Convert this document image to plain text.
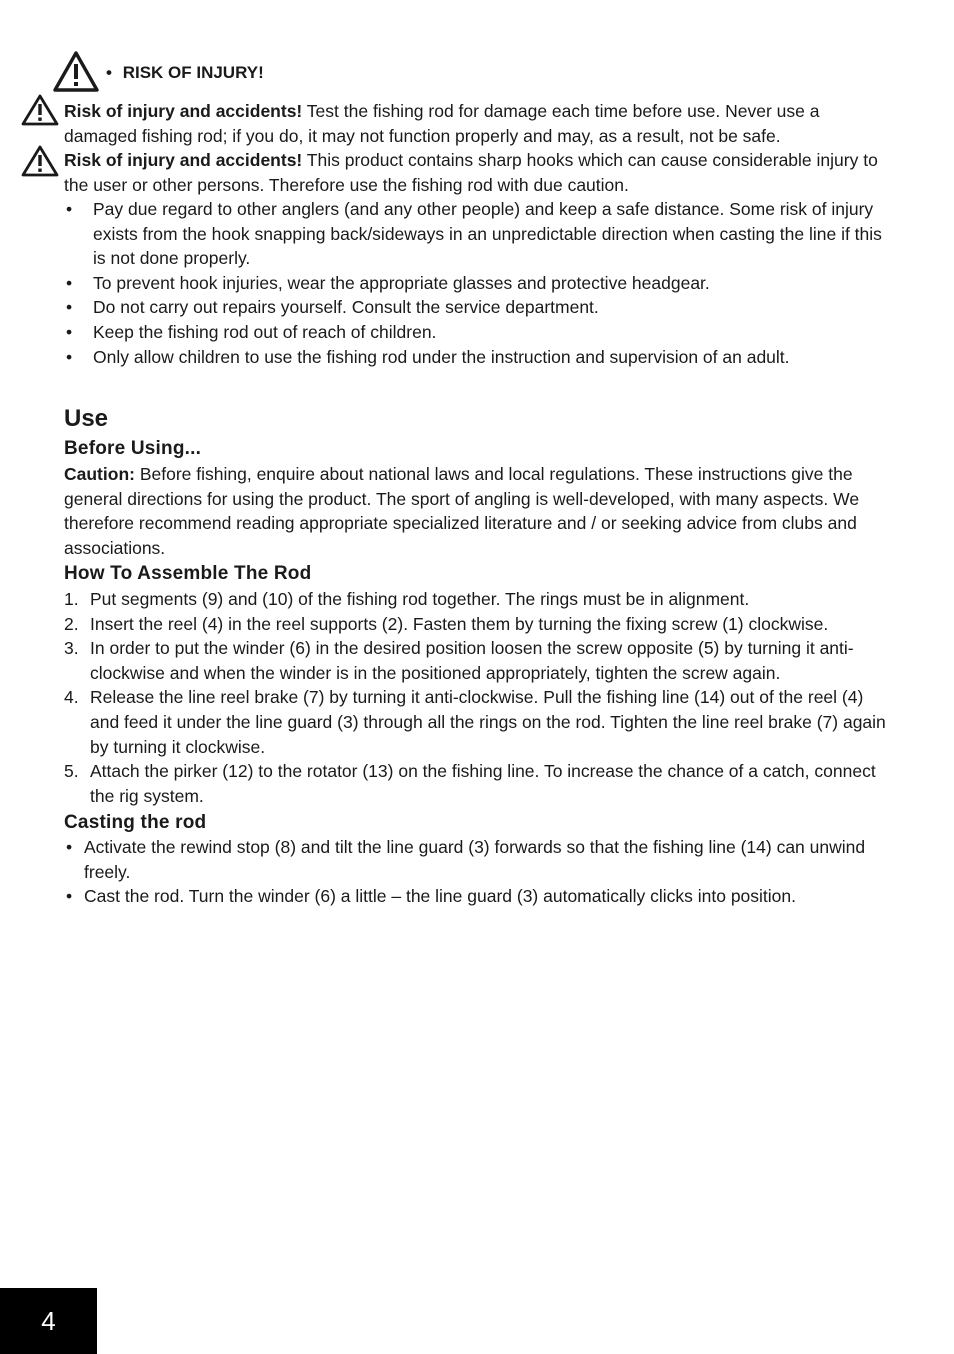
• RISK OF INJURY!
Risk of injury and accidents! Test the fishing rod for damage each time before use. Never use a damaged fishing rod; if you do, it may not function properly and may, as a result, not be safe.
Risk of injury and accidents! This product contains sharp hooks which can cause considerable injury to the user or other persons. Therefore use the fishing rod with due caution.
• Pay due regard to other anglers (and any other people) and keep a safe distance. Some risk of injury exists from the hook snapping back/sideways in an unpredictable direction when casting the line if this is not done properly.
• To prevent hook injuries, wear the appropriate glasses and protective headgear.
• Do not carry out repairs yourself. Consult the service department.
• Keep the fishing rod out of reach of children.
• Only allow children to use the fishing rod under the instruction and supervision of an adult.
Use
Before Using...
Caution: Before fishing, enquire about national laws and local regulations. These instructions give the general directions for using the product. The sport of angling is well-developed, with many aspects. We therefore recommend reading appropriate specialized literature and / or seeking advice from clubs and associations.
How To Assemble The Rod
1. Put segments (9) and (10) of the fishing rod together. The rings must be in alignment.
2. Insert the reel (4) in the reel supports (2). Fasten them by turning the fixing screw (1) clockwise.
3. In order to put the winder (6) in the desired position loosen the screw opposite (5) by turning it anti-clockwise and when the winder is in the positioned appropriately, tighten the screw again.
4. Release the line reel brake (7) by turning it anti-clockwise. Pull the fishing line (14) out of the reel (4) and feed it under the line guard (3) through all the rings on the rod. Tighten the line reel brake (7) again by turning it clockwise.
5. Attach the pirker (12) to the rotator (13) on the fishing line. To increase the chance of a catch, connect the rig system.
Casting the rod
• Activate the rewind stop (8) and tilt the line guard (3) forwards so that the fishing line (14) can unwind freely.
• Cast the rod. Turn the winder (6) a little – the line guard (3) automatically clicks into position.
4
